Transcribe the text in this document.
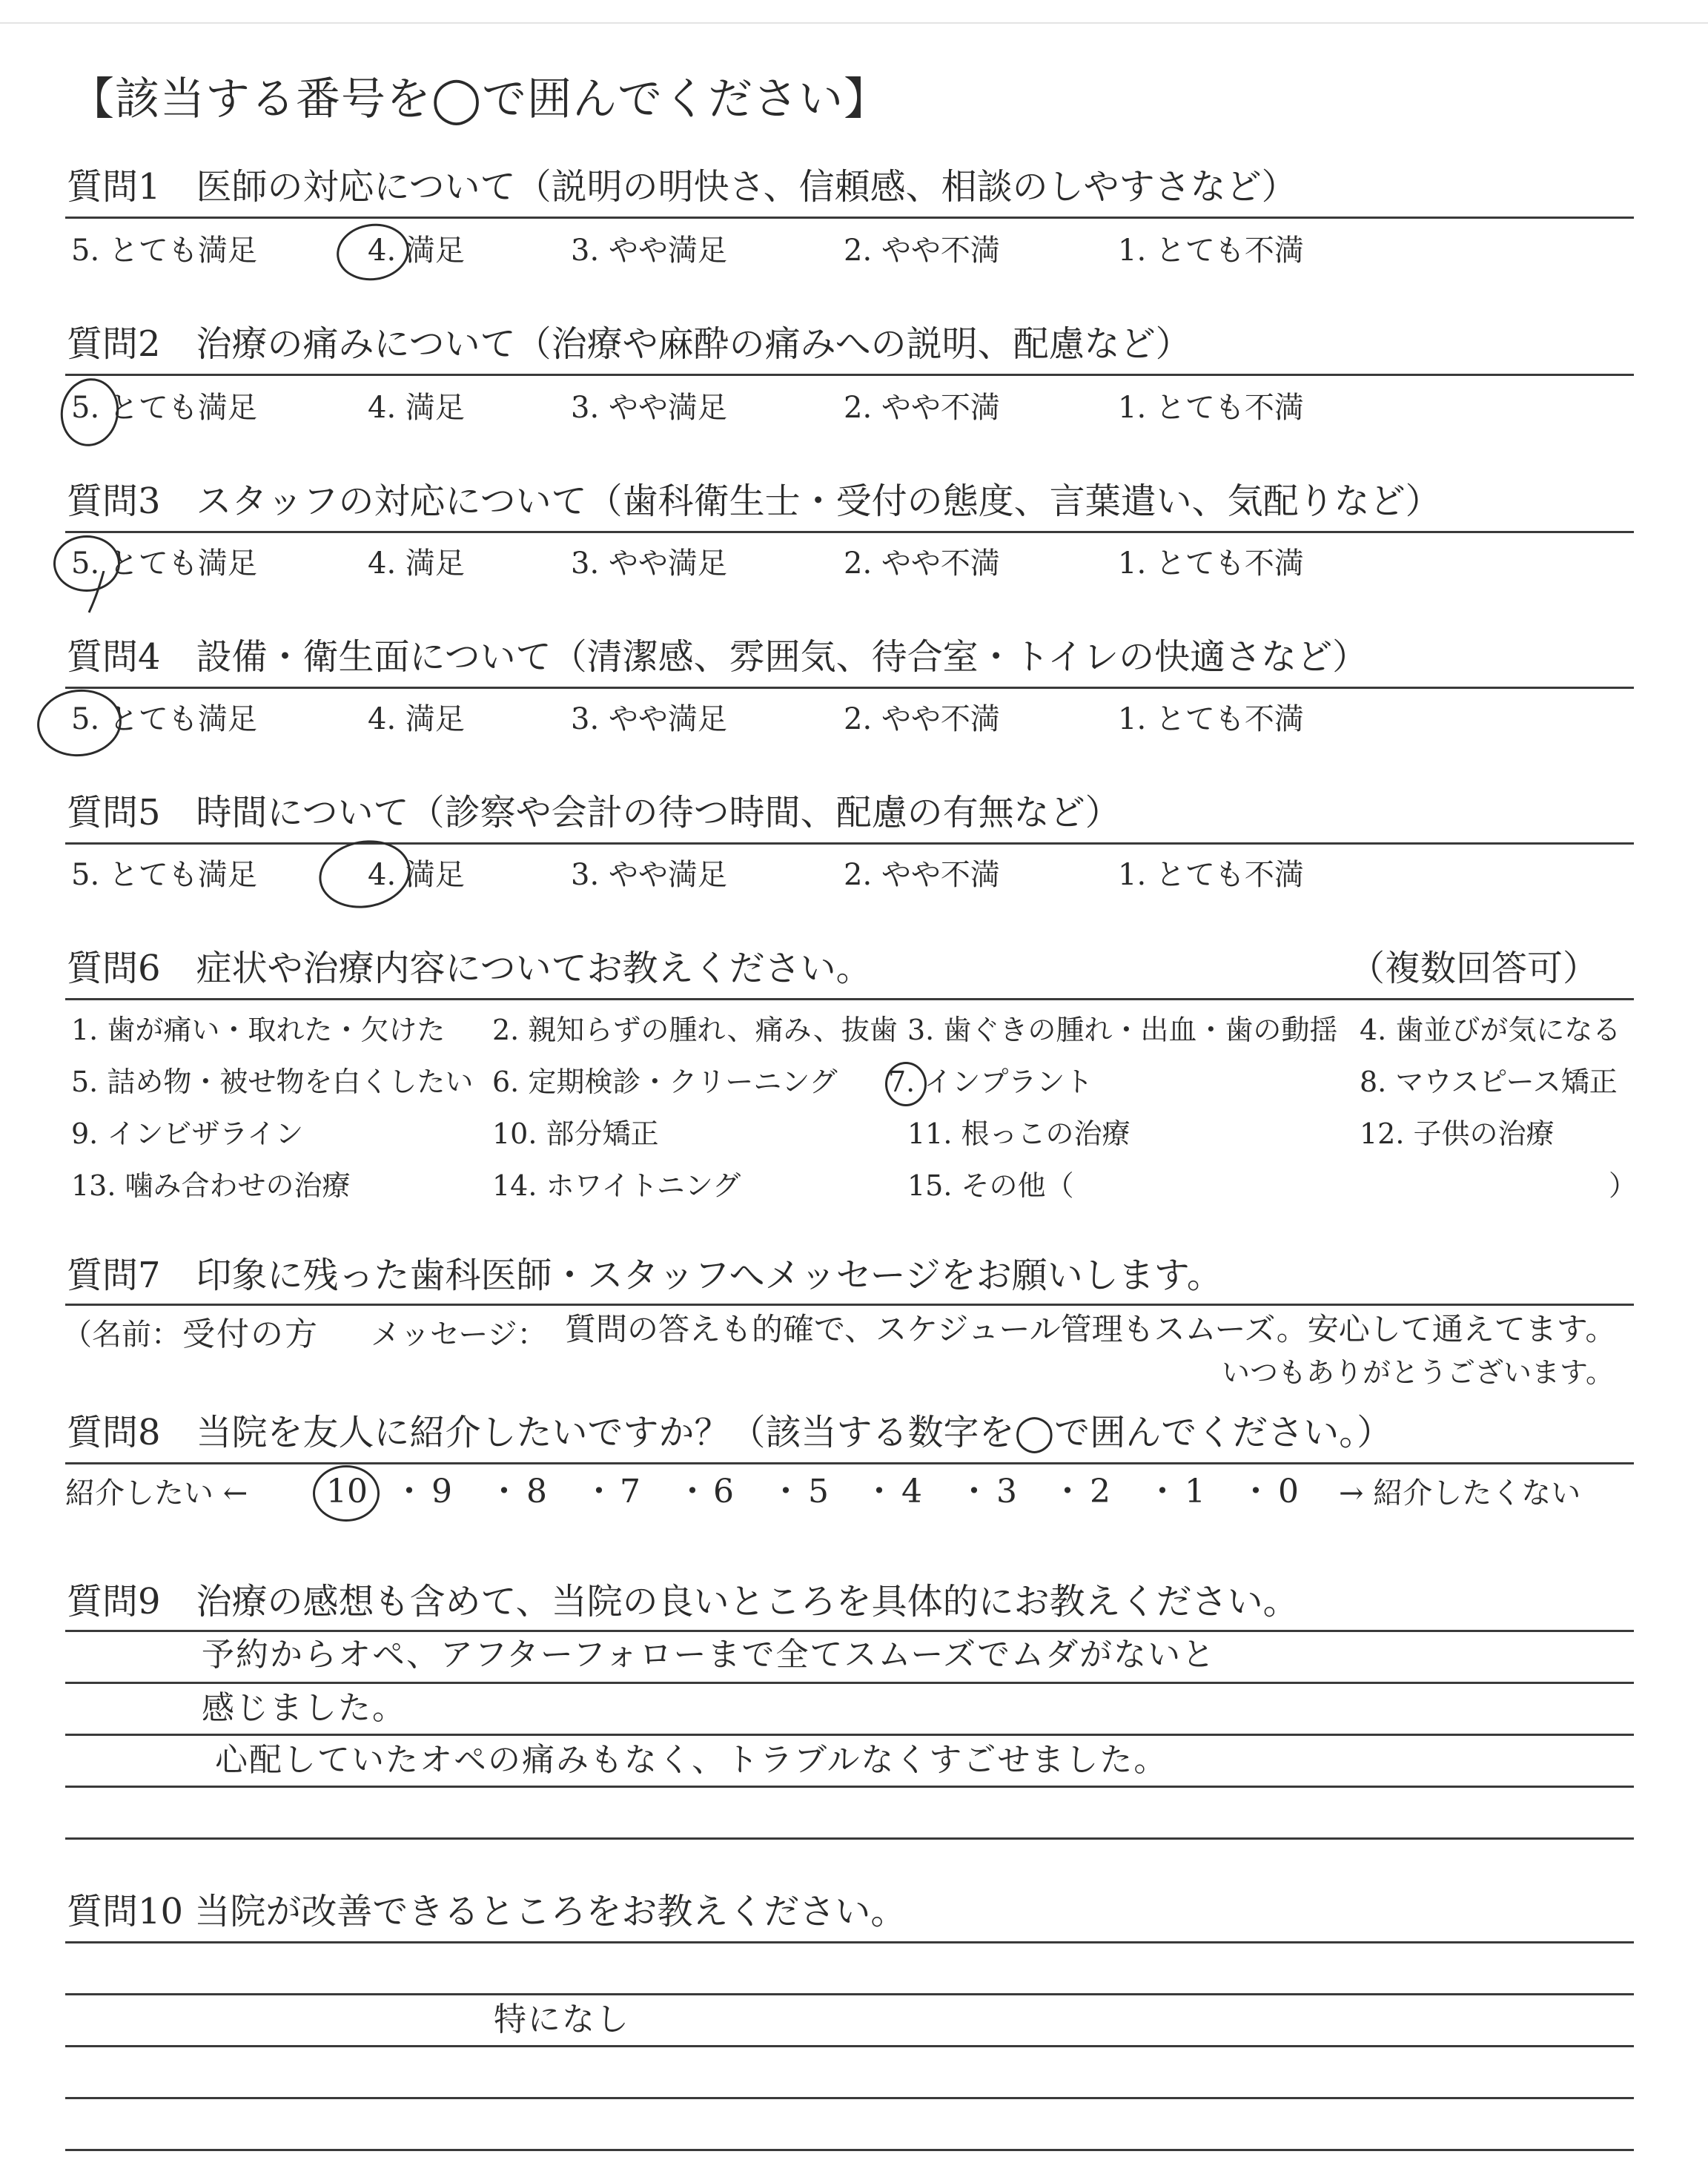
【該当する番号を◯で囲んでください】
質問1　医師の対応について（説明の明快さ、信頼感、相談のしやすさなど）
5. とても満足	4. 満足	3. やや満足	2. やや不満	1. とても不満
質問2　治療の痛みについて（治療や麻酔の痛みへの説明、配慮など）
5. とても満足	4. 満足	3. やや満足	2. やや不満	1. とても不満
質問3　スタッフの対応について（歯科衛生士・受付の態度、言葉遣い、気配りなど）
5. とても満足	4. 満足	3. やや満足	2. やや不満	1. とても不満
質問4　設備・衛生面について（清潔感、雰囲気、待合室・トイレの快適さなど）
5. とても満足	4. 満足	3. やや満足	2. やや不満	1. とても不満
質問5　時間について（診察や会計の待つ時間、配慮の有無など）
5. とても満足	4. 満足	3. やや満足	2. やや不満	1. とても不満
質問6　症状や治療内容についてお教えください。	（複数回答可）
1. 歯が痛い・取れた・欠けた 2. 親知らずの腫れ、痛み、抜歯 3. 歯ぐきの腫れ・出血・歯の動揺 4. 歯並びが気になる
5. 詰め物・被せ物を白くしたい 6. 定期検診・クリーニング 7. インプラント	8. マウスピース矯正
9. インビザライン	10. 部分矯正	11. 根っこの治療	12. 子供の治療
13. 噛み合わせの治療	14. ホワイトニング	15. その他（	）
質問7　印象に残った歯科医師・スタッフへメッセージをお願いします。
（名前： 受付の方 メッセージ： 質問の答えも的確で、スケジュール管理もスムーズ。安心して通えてます。
いつもありがとうございます。
質問8　当院を友人に紹介したいですか？（該当する数字を◯で囲んでください。）
紹介したい ← 10 ・ 9 ・ 8 ・ 7 ・ 6 ・ 5 ・ 4 ・ 3 ・ 2 ・ 1 ・ 0 → 紹介したくない
質問9　治療の感想も含めて、当院の良いところを具体的にお教えください。
予約からオペ、アフターフォローまで全てスムーズでムダがないと
感じました。
心配していたオペの痛みもなく、トラブルなくすごせました。
質問10 当院が改善できるところをお教えください。
特になし
